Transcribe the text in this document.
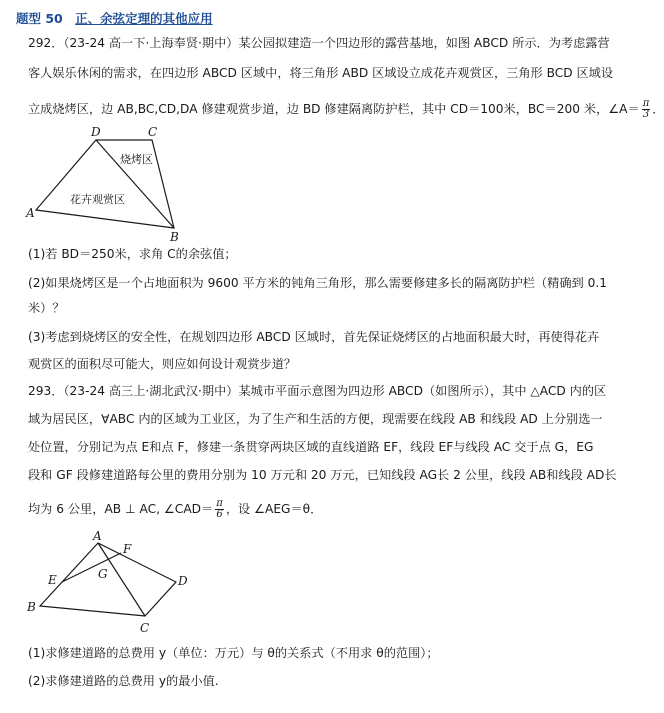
题型 50 正、余弦定理的其他应用
292．（23-24 高一下·上海奉贤·期中）某公园拟建造一个四边形的露营基地，如图 ABCD 所示．为考虑露营
客人娱乐休闲的需求，在四边形 ABCD 区域中，将三角形 ABD 区域设立成花卉观赏区，三角形 BCD 区域设
立成烧烤区，边 AB,BC,CD,DA 修建观赏步道，边 BD 修建隔离防护栏，其中 CD＝100米，BC＝200 米，∠A＝ $\frac{\pi}{3}$ ．
D	C
A
B
烧烤区
花卉观赏区
(1)若 BD＝250米，求角 C的余弦值；
(2)如果烧烤区是一个占地面积为 9600 平方米的钝角三角形，那么需要修建多长的隔离防护栏（精确到 0.1
米）？
(3)考虑到烧烤区的安全性，在规划四边形 ABCD 区域时，首先保证烧烤区的占地面积最大时，再使得花卉
观赏区的面积尽可能大，则应如何设计观赏步道？
293．（23-24 高三上·湖北武汉·期中）某城市平面示意图为四边形 ABCD（如图所示），其中 △ACD 内的区
域为居民区，∀ABC 内的区域为工业区，为了生产和生活的方便，现需要在线段 AB 和线段 AD 上分别选一
处位置，分别记为点 E和点 F，修建一条贯穿两块区域的直线道路 EF，线段 EF与线段 AC 交于点 G，EG
段和 GF 段修建道路每公里的费用分别为 10 万元和 20 万元，已知线段 AG长 2 公里，线段 AB和线段 AD长
均为 6 公里，AB ⊥ AC, ∠CAD＝ $\frac{\pi}{6}$ ，设 ∠AEG＝θ．
A
F
G
E	D
B
C
(1)求修建道路的总费用 y（单位：万元）与 θ的关系式（不用求 θ的范围）；
(2)求修建道路的总费用 y的最小值.
